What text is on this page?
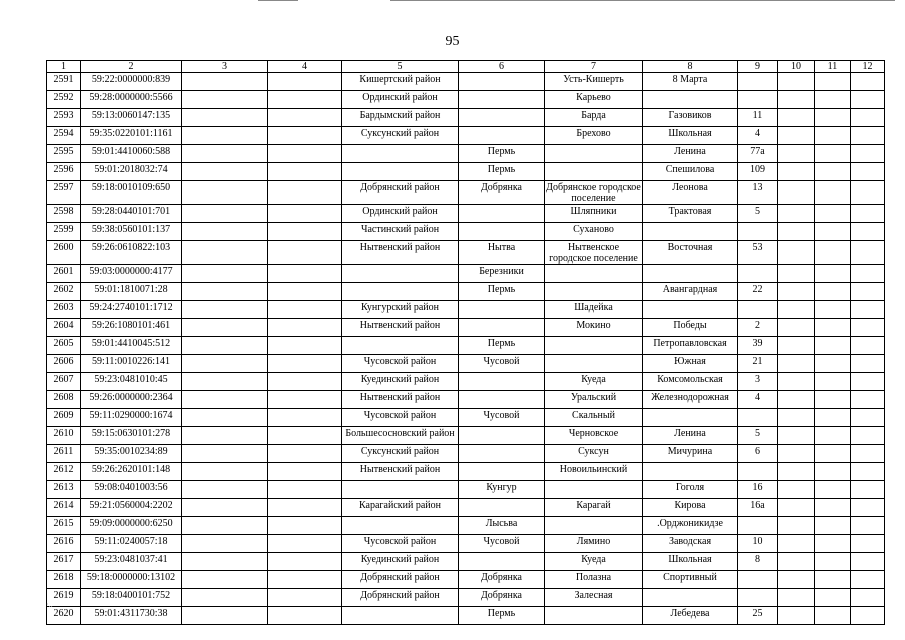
95
1	2	3	4	5	6	7	8	9	10	11	12
2591	59:22:0000000:839			Кишертский район		Усть-Кишерть	8 Марта				
2592	59:28:0000000:5566			Ординский район		Карьево					
2593	59:13:0060147:135			Бардымский район		Барда	Газовиков	11			
2594	59:35:0220101:1161			Суксунский район		Брехово	Школьная	4			
2595	59:01:4410060:588				Пермь		Ленина	77а			
2596	59:01:2018032:74				Пермь		Спешилова	109			
2597	59:18:0010109:650			Добрянский район	Добрянка	Добрянское городское поселение	Леонова	13			
2598	59:28:0440101:701			Ординский район		Шляпники	Трактовая	5			
2599	59:38:0560101:137			Частинский район		Суханово					
2600	59:26:0610822:103			Нытвенский район	Нытва	Нытвенское городское поселение	Восточная	53			
2601	59:03:0000000:4177				Березники						
2602	59:01:1810071:28				Пермь		Авангардная	22			
2603	59:24:2740101:1712			Кунгурский район		Шадейка					
2604	59:26:1080101:461			Нытвенский район		Мокино	Победы	2			
2605	59:01:4410045:512				Пермь		Петропавловская	39			
2606	59:11:0010226:141			Чусовской район	Чусовой		Южная	21			
2607	59:23:0481010:45			Куединский район		Куеда	Комсомольская	3			
2608	59:26:0000000:2364			Нытвенский район		Уральский	Железнодорожная	4			
2609	59:11:0290000:1674			Чусовской район	Чусовой	Скальный					
2610	59:15:0630101:278			Большесосновский район		Черновское	Ленина	5			
2611	59:35:0010234:89			Суксунский район		Суксун	Мичурина	6			
2612	59:26:2620101:148			Нытвенский район		Новоильинский					
2613	59:08:0401003:56				Кунгур		Гоголя	16			
2614	59:21:0560004:2202			Карагайский район		Карагай	Кирова	16а			
2615	59:09:0000000:6250				Лысьва		.Орджоникидзе				
2616	59:11:0240057:18			Чусовской район	Чусовой	Лямино	Заводская	10			
2617	59:23:0481037:41			Куединский район		Куеда	Школьная	8			
2618	59:18:0000000:13102			Добрянский район	Добрянка	Полазна	Спортивный				
2619	59:18:0400101:752			Добрянский район	Добрянка	Залесная					
2620	59:01:4311730:38				Пермь		Лебедева	25			
·..
